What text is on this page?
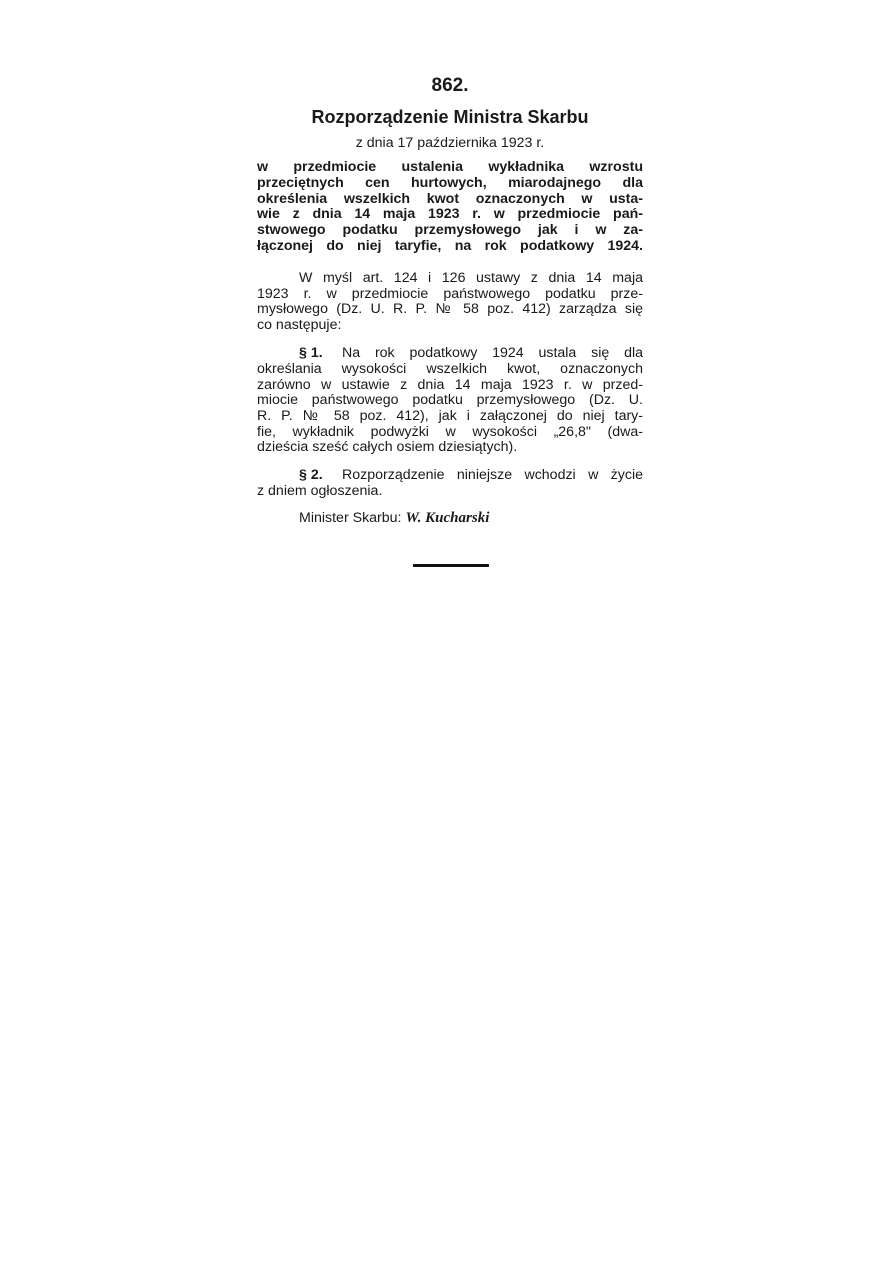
862.
Rozporządzenie Ministra Skarbu
z dnia 17 października 1923 r.
w przedmiocie ustalenia wykładnika wzrostu
przeciętnych cen hurtowych, miarodajnego dla
określenia wszelkich kwot oznaczonych w usta-
wie z dnia 14 maja 1923 r. w przedmiocie pań-
stwowego podatku przemysłowego jak i w za-
łączonej do niej taryfie, na rok podatkowy 1924.
W myśl art. 124 i 126 ustawy z dnia 14 maja
1923 r. w przedmiocie państwowego podatku prze-
mysłowego (Dz. U. R. P. № 58 poz. 412) zarządza się
co następuje:
§ 1.	Na rok podatkowy 1924 ustala się dla
określania wysokości wszelkich kwot, oznaczonych
zarówno w ustawie z dnia 14 maja 1923 r. w przed-
miocie państwowego podatku przemysłowego (Dz. U.
R. P. № 58 poz. 412), jak i załączonej do niej tary-
fie, wykładnik podwyżki w wysokości „26,8" (dwa-
dzieścia sześć całych osiem dziesiątych).
§ 2.	Rozporządzenie niniejsze wchodzi w życie
z dniem ogłoszenia.
Minister Skarbu: W. Kucharski
